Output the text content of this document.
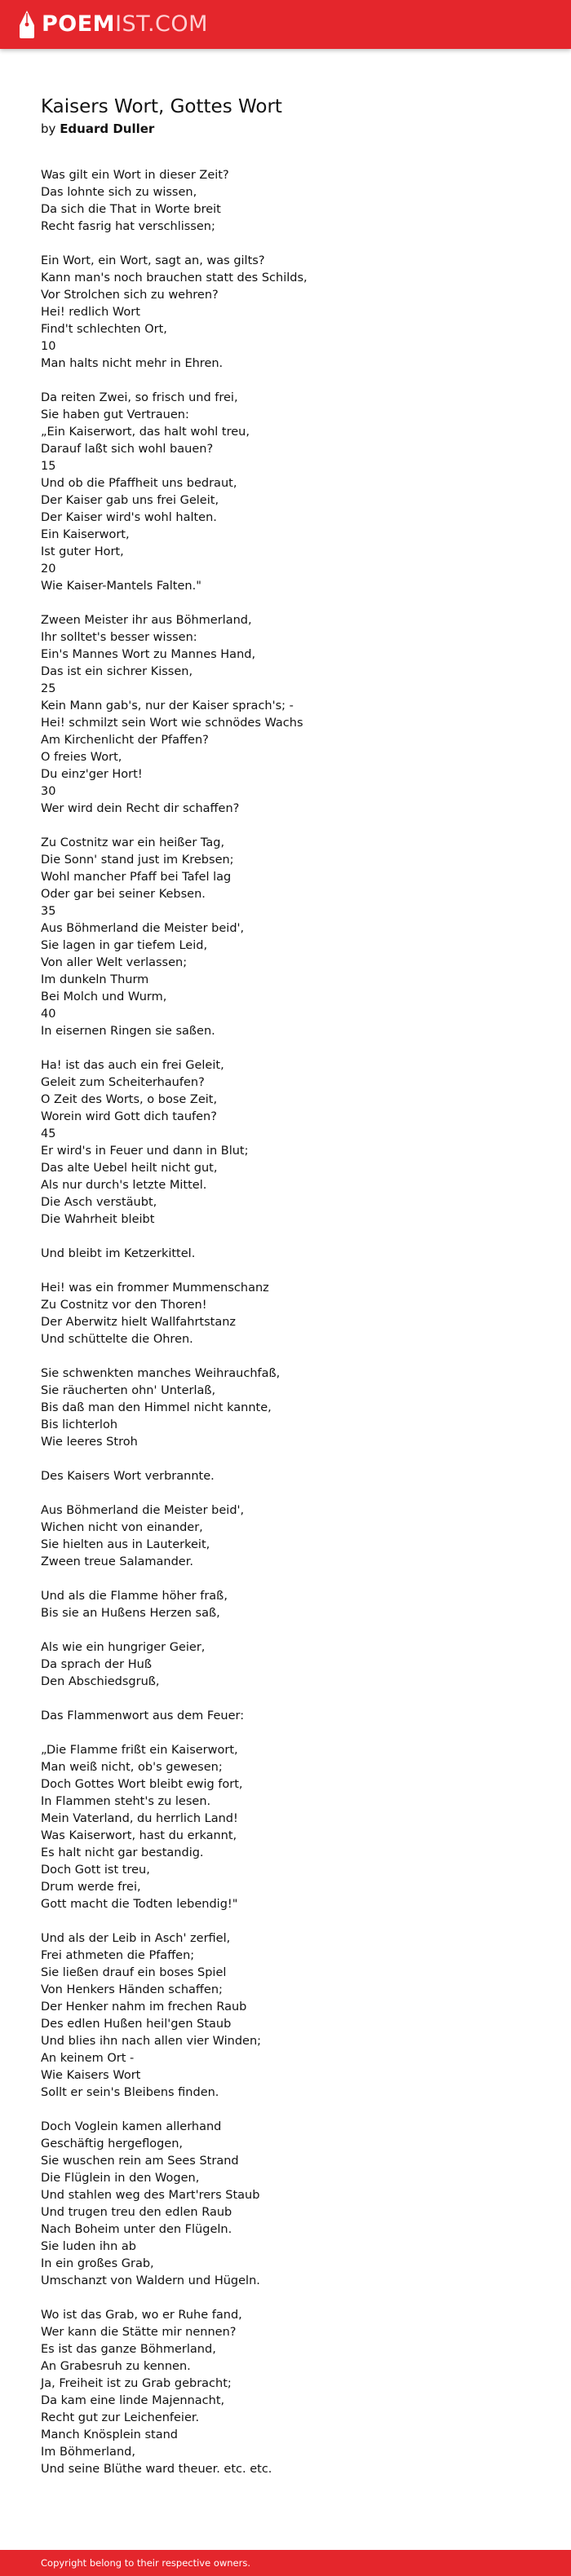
POEMIST.COM
Kaisers Wort, Gottes Wort
by Eduard Duller
Was gilt ein Wort in dieser Zeit?
Das lohnte sich zu wissen,
Da sich die That in Worte breit
Recht fasrig hat verschlissen;
Ein Wort, ein Wort, sagt an, was gilts?
Kann man's noch brauchen statt des Schilds,
Vor Strolchen sich zu wehren?
Hei! redlich Wort
Find't schlechten Ort,
10
Man halts nicht mehr in Ehren.
Da reiten Zwei, so frisch und frei,
Sie haben gut Vertrauen:
„Ein Kaiserwort, das halt wohl treu,
Darauf laßt sich wohl bauen?
15
Und ob die Pfaffheit uns bedraut,
Der Kaiser gab uns frei Geleit,
Der Kaiser wird's wohl halten.
Ein Kaiserwort,
Ist guter Hort,
20
Wie Kaiser-Mantels Falten."
Zween Meister ihr aus Böhmerland,
Ihr solltet's besser wissen:
Ein's Mannes Wort zu Mannes Hand,
Das ist ein sichrer Kissen,
25
Kein Mann gab's, nur der Kaiser sprach's; -
Hei! schmilzt sein Wort wie schnödes Wachs
Am Kirchenlicht der Pfaffen?
O freies Wort,
Du einz'ger Hort!
30
Wer wird dein Recht dir schaffen?
Zu Costnitz war ein heißer Tag,
Die Sonn' stand just im Krebsen;
Wohl mancher Pfaff bei Tafel lag
Oder gar bei seiner Kebsen.
35
Aus Böhmerland die Meister beid',
Sie lagen in gar tiefem Leid,
Von aller Welt verlassen;
Im dunkeln Thurm
Bei Molch und Wurm,
40
In eisernen Ringen sie saßen.
Ha! ist das auch ein frei Geleit,
Geleit zum Scheiterhaufen?
O Zeit des Worts, o bose Zeit,
Worein wird Gott dich taufen?
45
Er wird's in Feuer und dann in Blut;
Das alte Uebel heilt nicht gut,
Als nur durch's letzte Mittel.
Die Asch verstäubt,
Die Wahrheit bleibt
Und bleibt im Ketzerkittel.
Hei! was ein frommer Mummenschanz
Zu Costnitz vor den Thoren!
Der Aberwitz hielt Wallfahrtstanz
Und schüttelte die Ohren.
Sie schwenkten manches Weihrauchfaß,
Sie räucherten ohn' Unterlaß,
Bis daß man den Himmel nicht kannte,
Bis lichterloh
Wie leeres Stroh
Des Kaisers Wort verbrannte.
Aus Böhmerland die Meister beid',
Wichen nicht von einander,
Sie hielten aus in Lauterkeit,
Zween treue Salamander.
Und als die Flamme höher fraß,
Bis sie an Hußens Herzen saß,
Als wie ein hungriger Geier,
Da sprach der Huß
Den Abschiedsgruß,
Das Flammenwort aus dem Feuer:
„Die Flamme frißt ein Kaiserwort,
Man weiß nicht, ob's gewesen;
Doch Gottes Wort bleibt ewig fort,
In Flammen steht's zu lesen.
Mein Vaterland, du herrlich Land!
Was Kaiserwort, hast du erkannt,
Es halt nicht gar bestandig.
Doch Gott ist treu,
Drum werde frei,
Gott macht die Todten lebendig!"
Und als der Leib in Asch' zerfiel,
Frei athmeten die Pfaffen;
Sie ließen drauf ein boses Spiel
Von Henkers Händen schaffen;
Der Henker nahm im frechen Raub
Des edlen Hußen heil'gen Staub
Und blies ihn nach allen vier Winden;
An keinem Ort -
Wie Kaisers Wort
Sollt er sein's Bleibens finden.
Doch Voglein kamen allerhand
Geschäftig hergeflogen,
Sie wuschen rein am Sees Strand
Die Flüglein in den Wogen,
Und stahlen weg des Mart'rers Staub
Und trugen treu den edlen Raub
Nach Boheim unter den Flügeln.
Sie luden ihn ab
In ein großes Grab,
Umschanzt von Waldern und Hügeln.
Wo ist das Grab, wo er Ruhe fand,
Wer kann die Stätte mir nennen?
Es ist das ganze Böhmerland,
An Grabesruh zu kennen.
Ja, Freiheit ist zu Grab gebracht;
Da kam eine linde Majennacht,
Recht gut zur Leichenfeier.
Manch Knösplein stand
Im Böhmerland,
Und seine Blüthe ward theuer. etc. etc.
Copyright belong to their respective owners.
